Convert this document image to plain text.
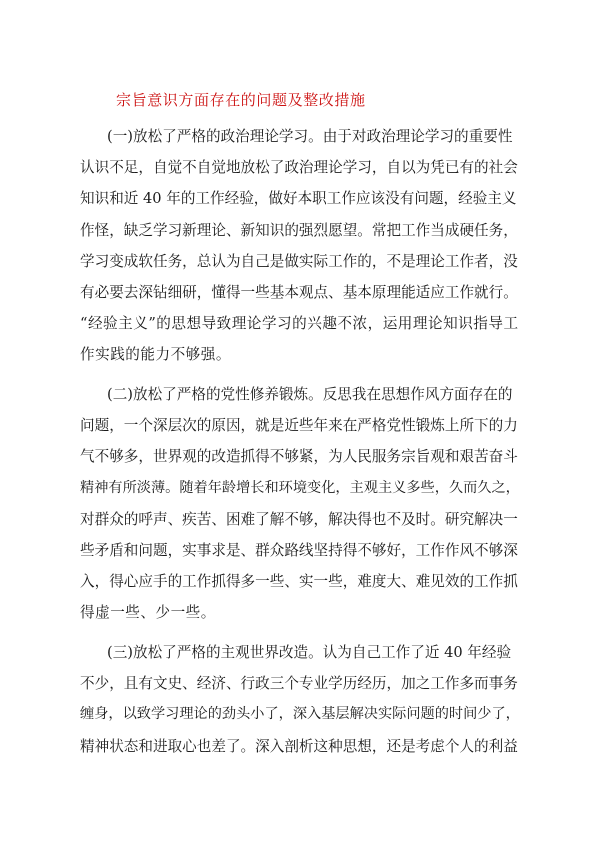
宗旨意识方面存在的问题及整改措施
(一)放松了严格的政治理论学习。由于对政治理论学习的重要性
认识不足，自觉不自觉地放松了政治理论学习，自以为凭已有的社会
知识和近 40 年的工作经验，做好本职工作应该没有问题，经验主义
作怪，缺乏学习新理论、新知识的强烈愿望。常把工作当成硬任务，
学习变成软任务，总认为自己是做实际工作的，不是理论工作者，没
有必要去深钻细研，懂得一些基本观点、基本原理能适应工作就行。
“经验主义”的思想导致理论学习的兴趣不浓，运用理论知识指导工
作实践的能力不够强。
(二)放松了严格的党性修养锻炼。反思我在思想作风方面存在的
问题，一个深层次的原因，就是近些年来在严格党性锻炼上所下的力
气不够多，世界观的改造抓得不够紧，为人民服务宗旨观和艰苦奋斗
精神有所淡薄。随着年龄增长和环境变化，主观主义多些，久而久之，
对群众的呼声、疾苦、困难了解不够，解决得也不及时。研究解决一
些矛盾和问题，实事求是、群众路线坚持得不够好，工作作风不够深
入，得心应手的工作抓得多一些、实一些，难度大、难见效的工作抓
得虚一些、少一些。
(三)放松了严格的主观世界改造。认为自己工作了近 40 年经验
不少，且有文史、经济、行政三个专业学历经历，加之工作多而事务
缠身，以致学习理论的劲头小了，深入基层解决实际问题的时间少了，
精神状态和进取心也差了。深入剖析这种思想，还是考虑个人的利益
